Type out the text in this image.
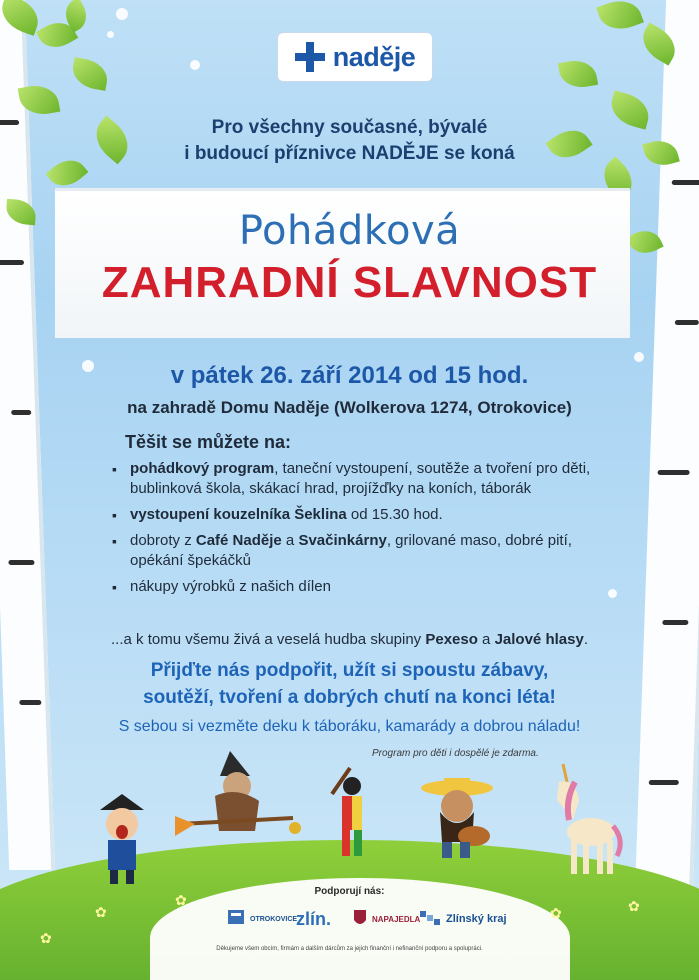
naděje
Pro všechny současné, bývalé
i budoucí příznivce NADĚJE se koná
Pohádková
ZAHRADNÍ SLAVNOST
v pátek 26. září 2014 od 15 hod.
na zahradě Domu Naděje (Wolkerova 1274, Otrokovice)
Těšit se můžete na:
▪ pohádkový program, taneční vystoupení, soutěže a tvoření pro děti, bublinková škola, skákací hrad, projížďky na koních, táborák
▪ vystoupení kouzelníka Šeklina od 15.30 hod.
▪ dobroty z Café Naděje a Svačinkárny, grilované maso, dobré pití, opékání špekáčků
▪ nákupy výrobků z našich dílen
...a k tomu všemu živá a veselá hudba skupiny Pexeso a Jalové hlasy.
Přijďte nás podpořit, užít si spoustu zábavy,
soutěží, tvoření a dobrých chutí na konci léta!
S sebou si vezměte deku k táboráku, kamarády a dobrou náladu!
Program pro děti i dospělé je zdarma.
✿
✿
✿	✿
✿
Podporují nás:
OTROKOVICE
zlín.	NAPAJEDLA Zlínský kraj
Děkujeme všem obcím, firmám a dalším dárcům za jejich finanční i nefinanční podporu a spolupráci.
